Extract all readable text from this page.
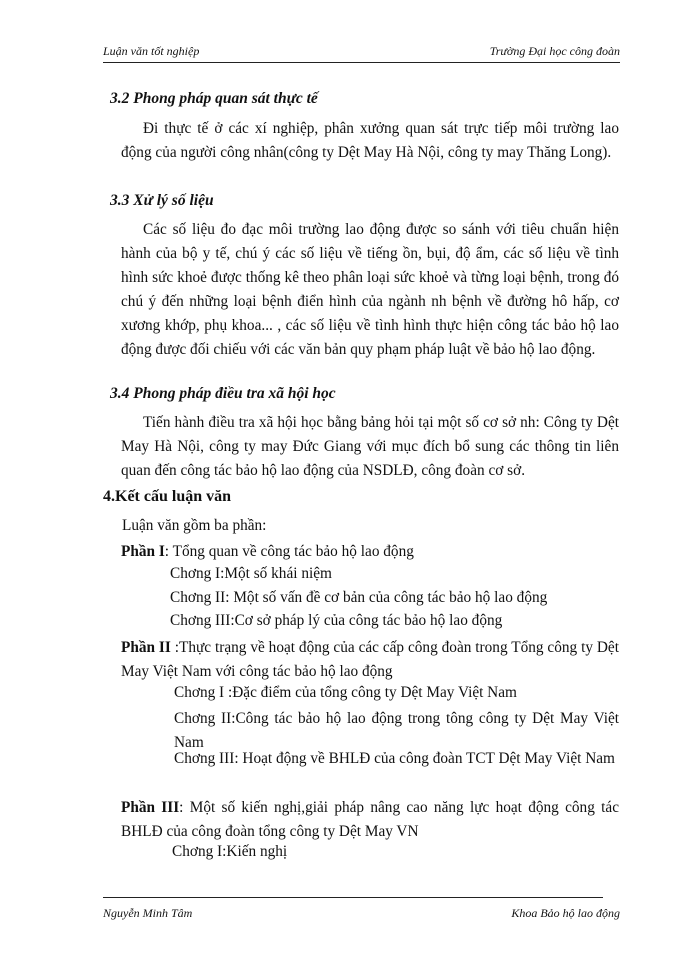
Luận văn tốt nghiệp	Trường Đại học công đoàn
3.2 Phong pháp quan sát thực tế

Đi thực tế ở các xí nghiệp, phân xưởng quan sát trực tiếp môi trường lao động của người công nhân(công ty Dệt May Hà Nội, công ty may Thăng Long).

3.3 Xử lý số liệu

Các số liệu đo đạc môi trường lao động được so sánh với tiêu chuẩn hiện hành của bộ y tế, chú ý các số liệu về tiếng ồn, bụi, độ ẩm, các số liệu về tình hình sức khoẻ được thống kê theo phân loại sức khoẻ và từng loại bệnh, trong đó chú ý đến những loại bệnh điển hình của ngành nh bệnh về đường hô hấp, cơ xương khớp, phụ khoa... , các số liệu về tình hình thực hiện công tác bảo hộ lao động được đối chiếu với các văn bản quy phạm pháp luật về bảo hộ lao động.

3.4 Phong pháp điều tra xã hội học

Tiến hành điều tra xã hội học bằng bảng hỏi tại một số cơ sở nh: Công ty Dệt May Hà Nội, công ty may Đức Giang với mục đích bổ sung các thông tin liên quan đến công tác bảo hộ lao động của NSDLĐ, công đoàn cơ sở.

4.Kết cấu luận văn
Luận văn gồm ba phần:

Phần I: Tổng quan về công tác bảo hộ lao động

Chơng I:Một số khái niệm
Chơng II: Một số vấn đề cơ bản của công tác bảo hộ lao động
Chơng III:Cơ sở pháp lý của công tác bảo hộ lao động

Phần II :Thực trạng về hoạt động của các cấp công đoàn trong Tổng công ty Dệt May Việt Nam với công tác bảo hộ lao động

Chơng I :Đặc điểm của tổng công ty Dệt May Việt Nam

Chơng II:Công tác bảo hộ lao động trong tông công ty Dệt May Việt Nam

Chơng III: Hoạt động về BHLĐ của công đoàn TCT Dệt May Việt Nam

Phần III: Một số kiến nghị,giải pháp nâng cao năng lực hoạt động công tác BHLĐ của công đoàn tổng công ty Dệt May VN

Chơng I:Kiến nghị
Nguyễn Minh Tâm	Khoa Bảo hộ lao động
